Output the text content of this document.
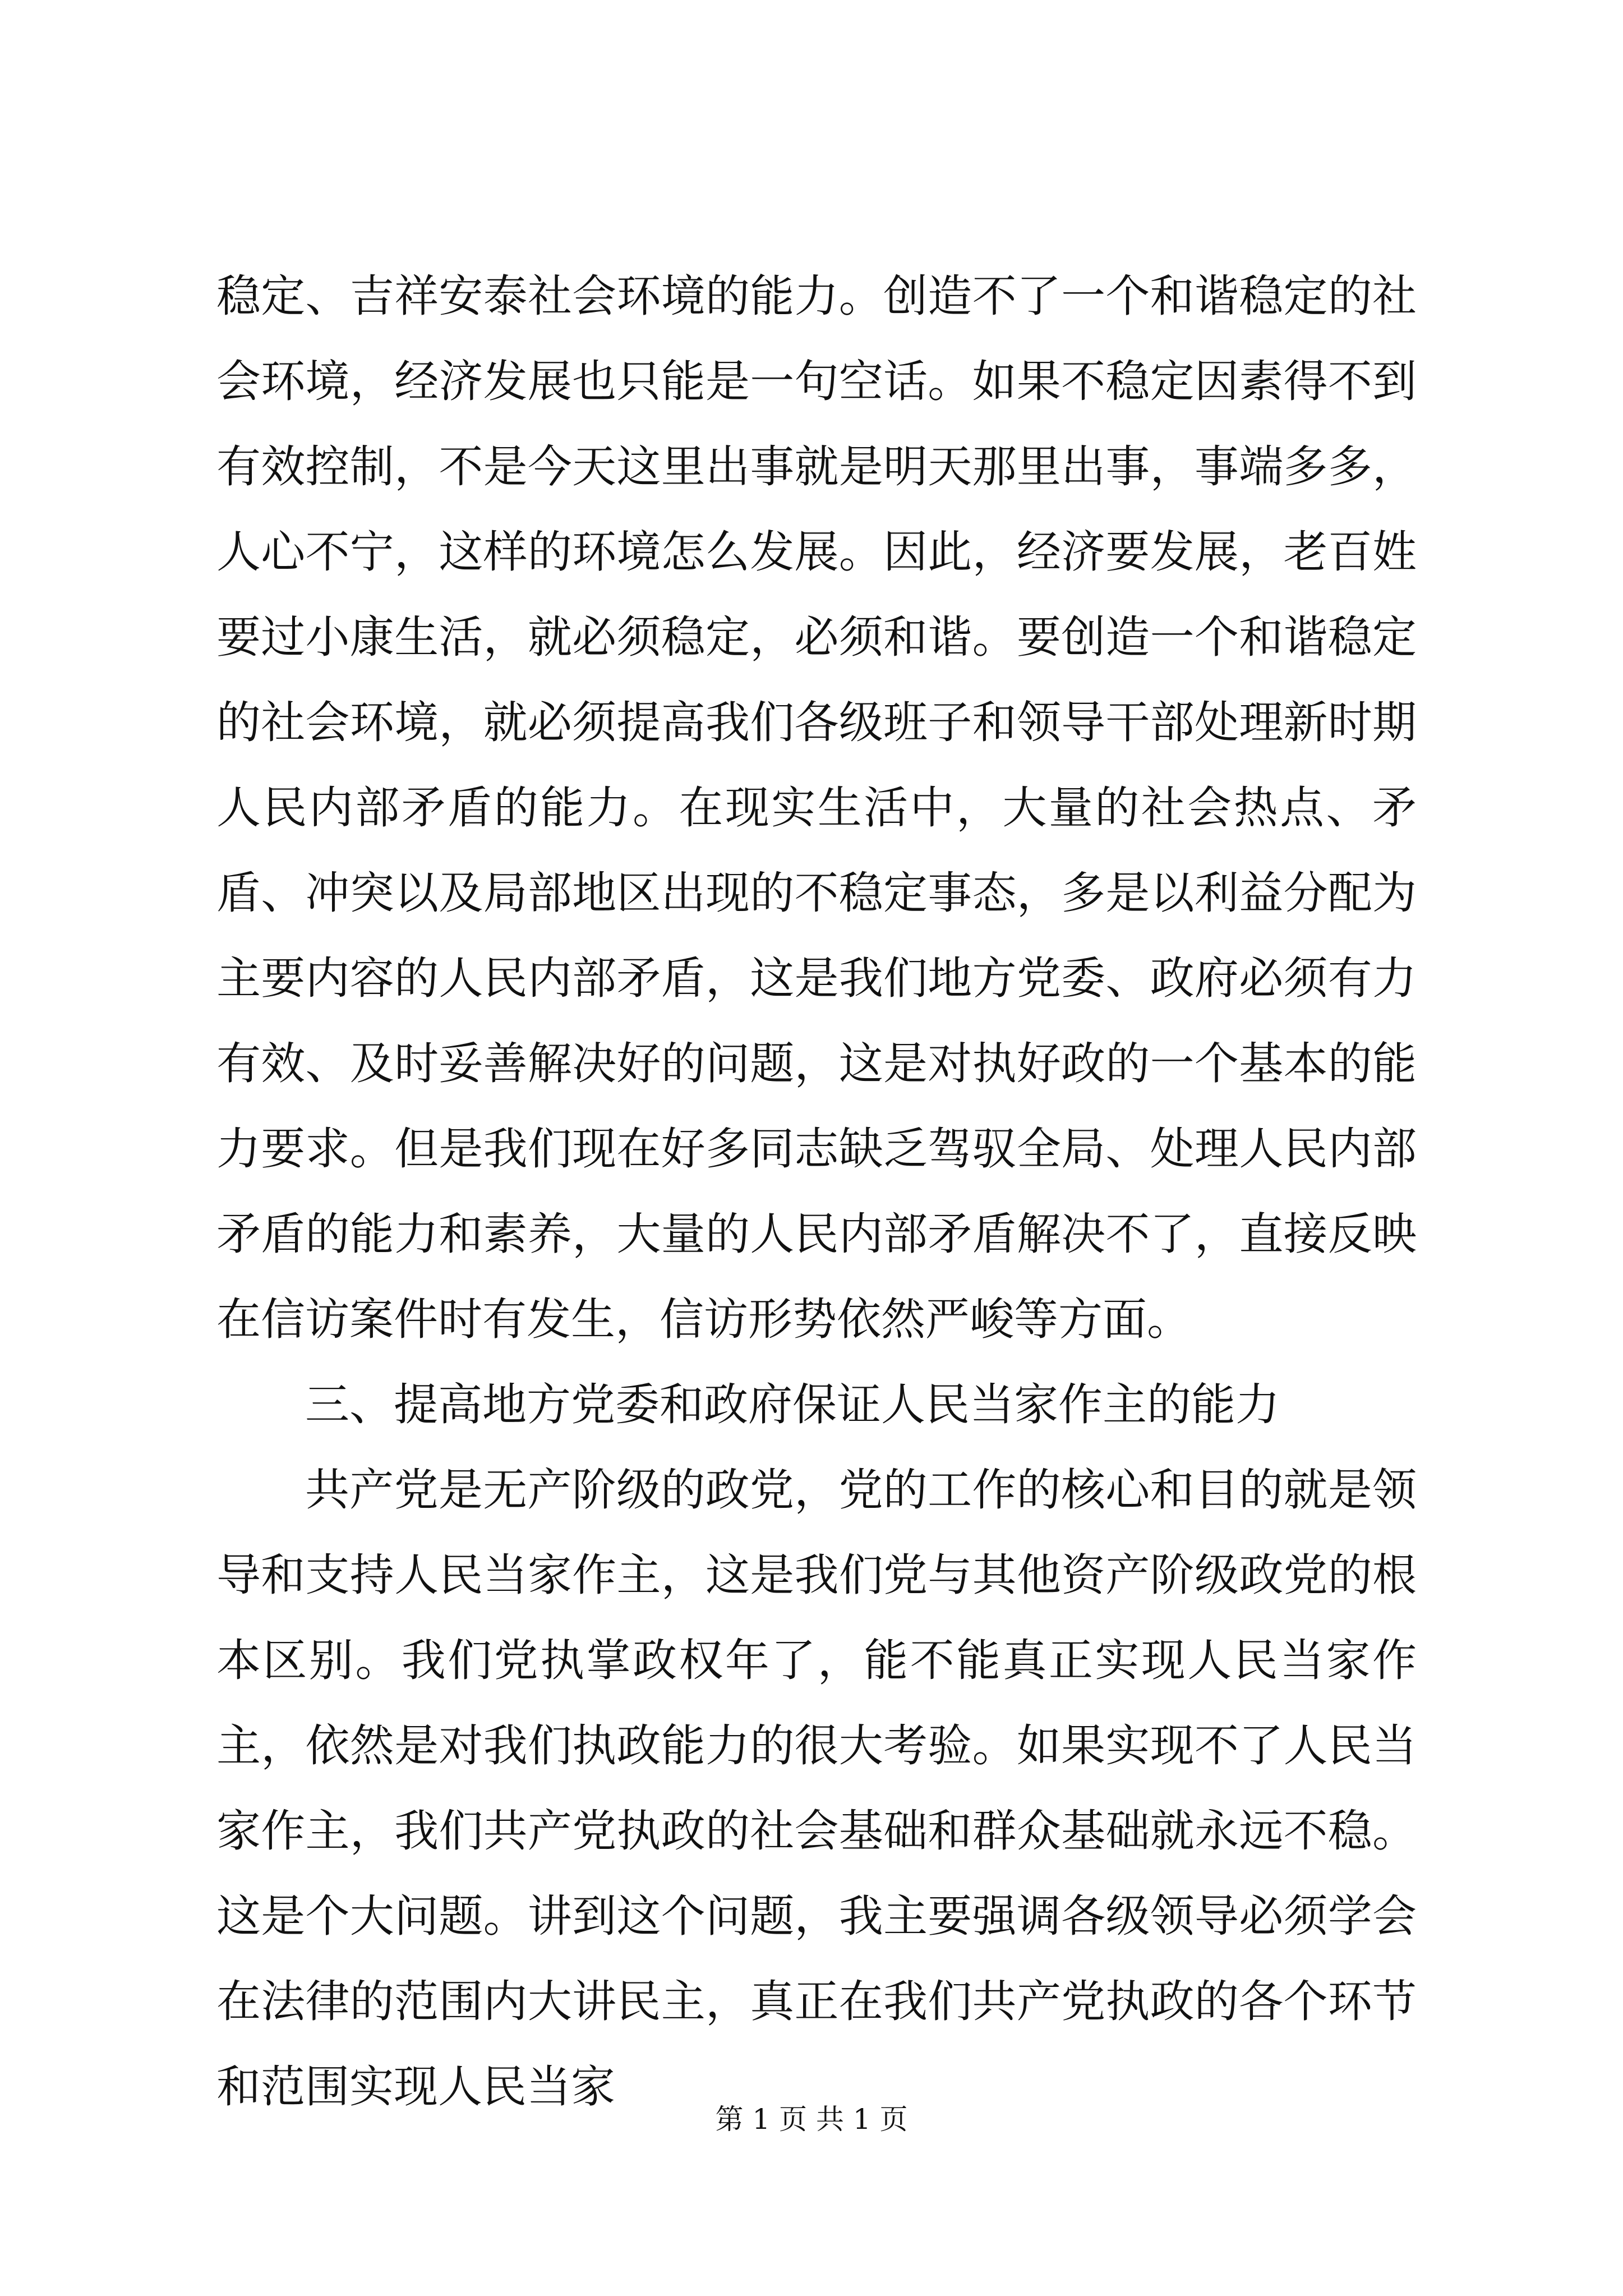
稳定、吉祥安泰社会环境的能力。创造不了一个和谐稳定的社会环境，经济发展也只能是一句空话。如果不稳定因素得不到有效控制，不是今天这里出事就是明天那里出事，事端多多，人心不宁，这样的环境怎么发展。因此，经济要发展，老百姓要过小康生活，就必须稳定，必须和谐。要创造一个和谐稳定的社会环境，就必须提高我们各级班子和领导干部处理新时期人民内部矛盾的能力。在现实生活中，大量的社会热点、矛盾、冲突以及局部地区出现的不稳定事态，多是以利益分配为主要内容的人民内部矛盾，这是我们地方党委、政府必须有力有效、及时妥善解决好的问题，这是对执好政的一个基本的能力要求。但是我们现在好多同志缺乏驾驭全局、处理人民内部矛盾的能力和素养，大量的人民内部矛盾解决不了，直接反映在信访案件时有发生，信访形势依然严峻等方面。

三、提高地方党委和政府保证人民当家作主的能力

共产党是无产阶级的政党，党的工作的核心和目的就是领导和支持人民当家作主，这是我们党与其他资产阶级政党的根本区别。我们党执掌政权年了，能不能真正实现人民当家作主，依然是对我们执政能力的很大考验。如果实现不了人民当家作主，我们共产党执政的社会基础和群众基础就永远不稳。这是个大问题。讲到这个问题，我主要强调各级领导必须学会在法律的范围内大讲民主，真正在我们共产党执政的各个环节和范围实现人民当家

第 1 页 共 1 页
